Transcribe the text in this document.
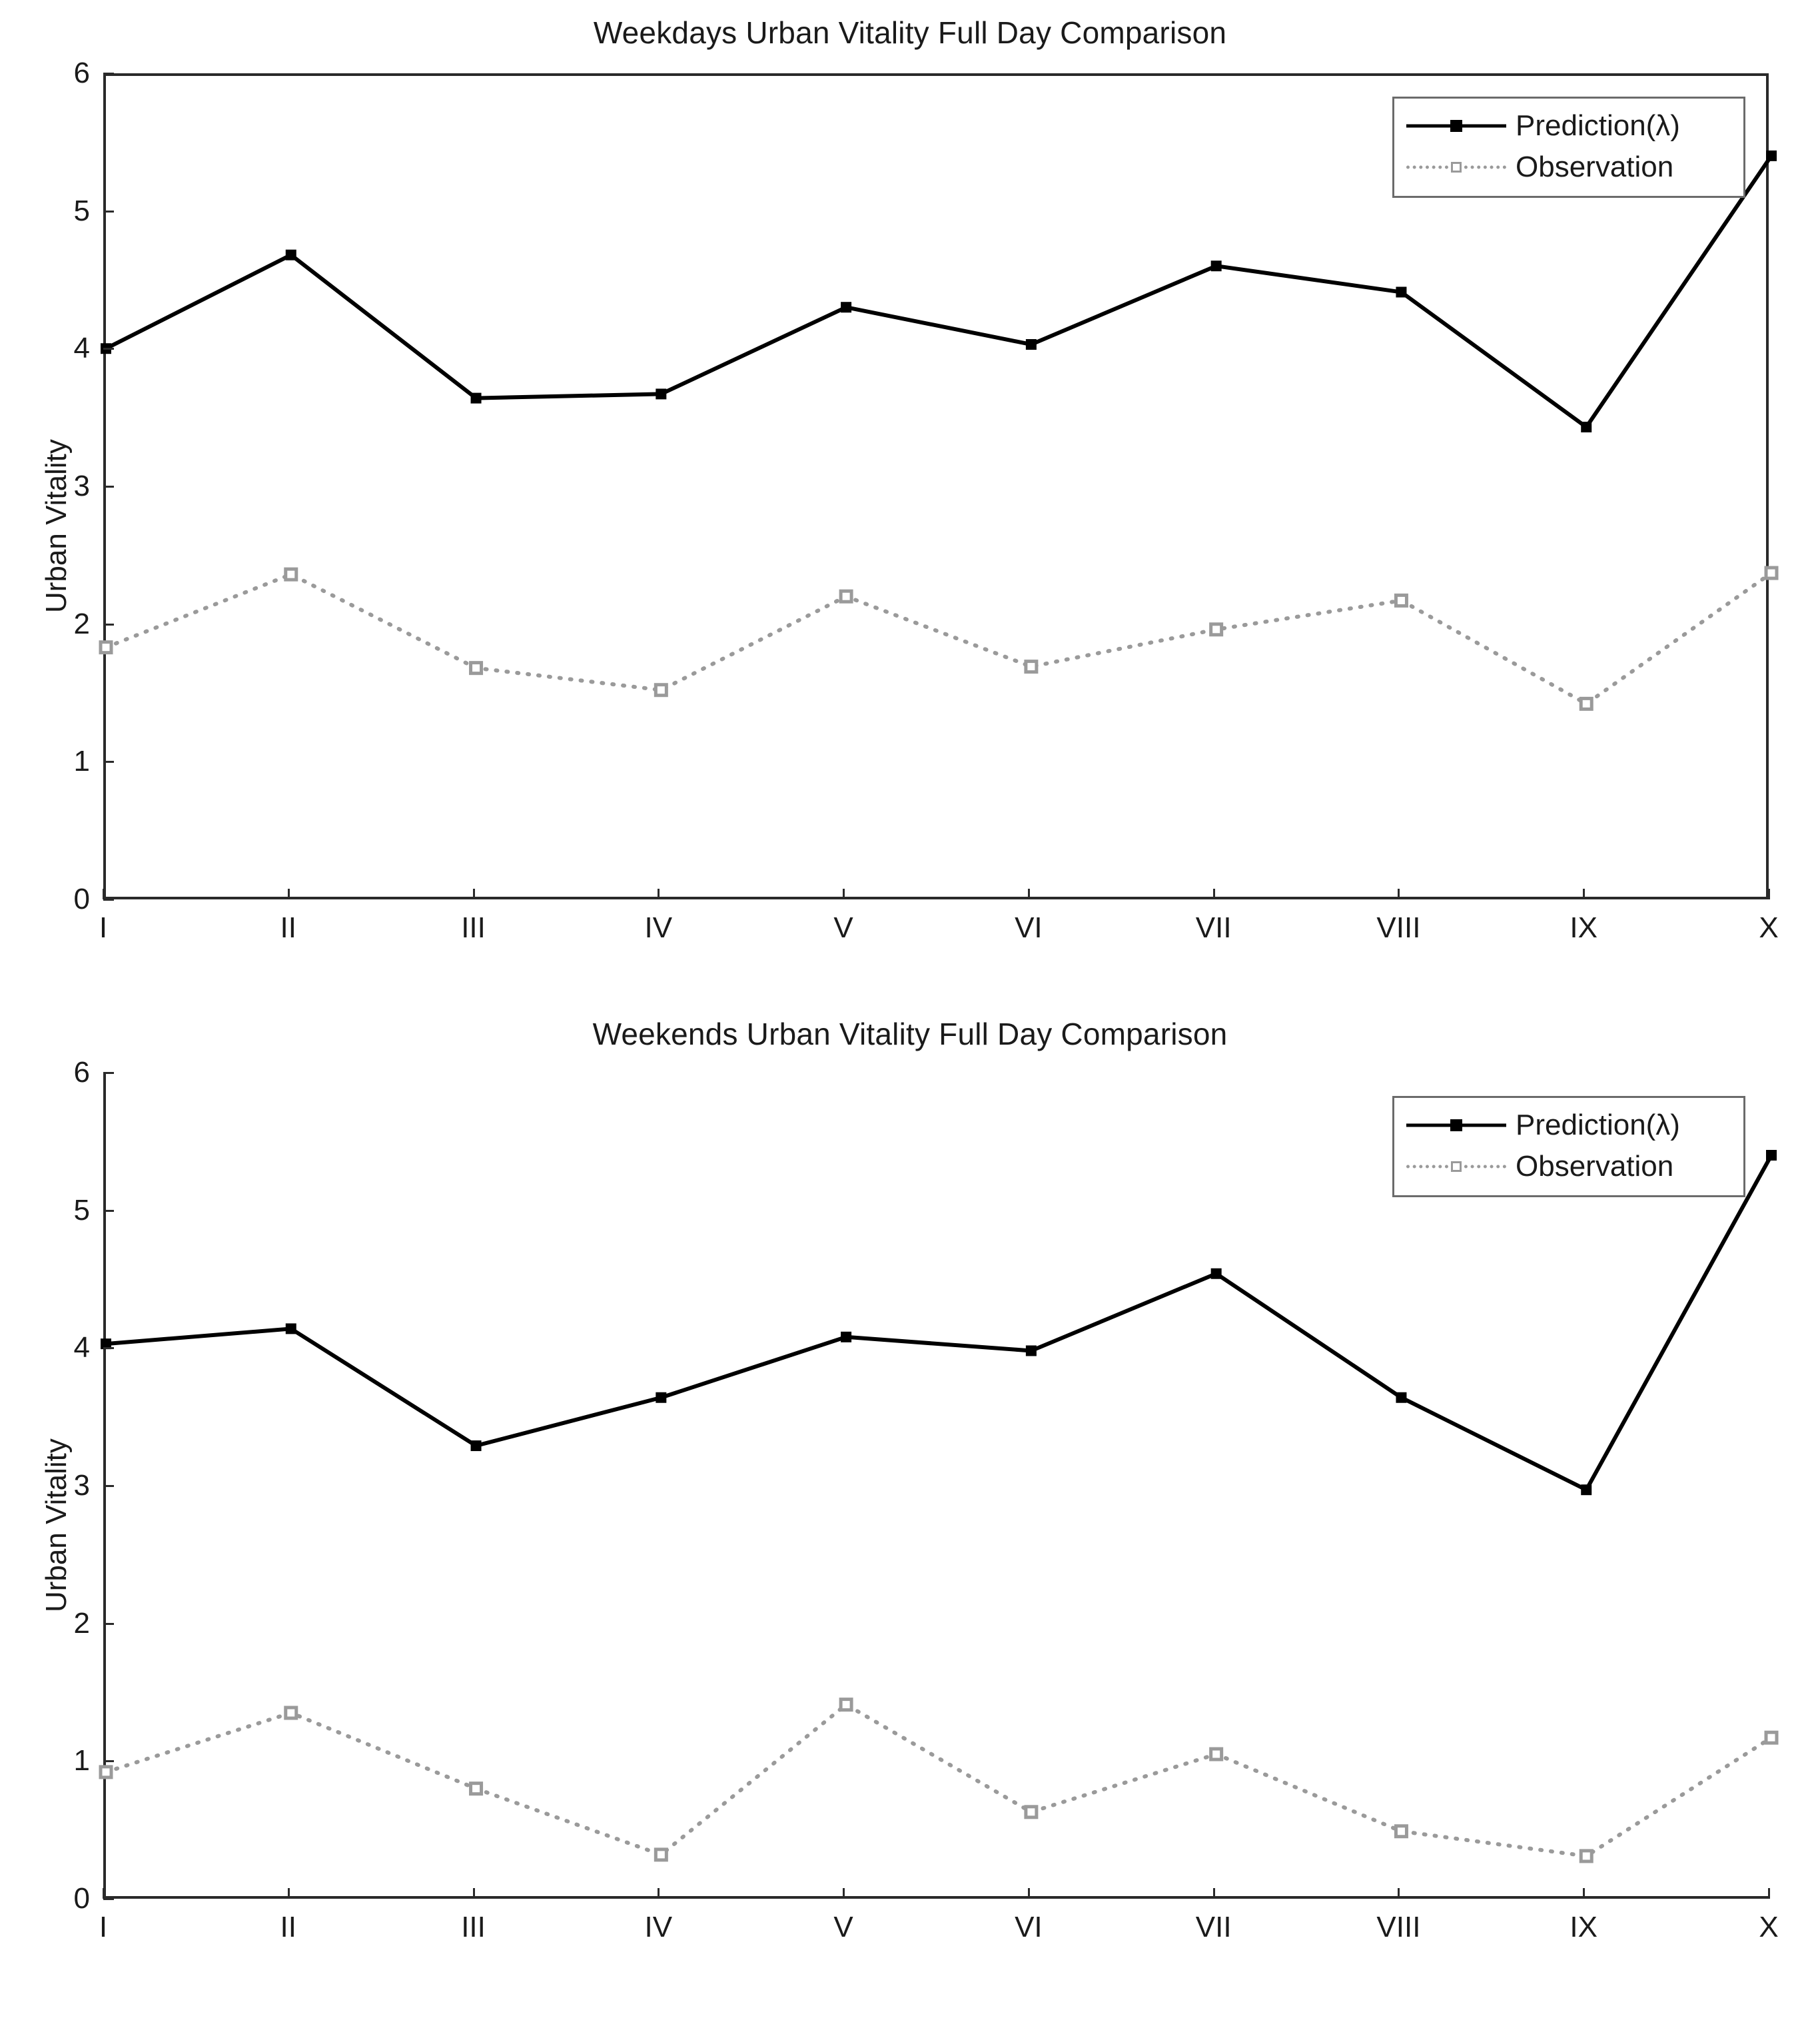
Weekdays Urban Vitality Full Day Comparison
Urban Vitality
0
1
2
3
4
5
6
I	II	III	IV	V	VI	VII	VIII	IX	X
Prediction(λ)
Observation
Weekends Urban Vitality Full Day Comparison
Urban Vitality
0
1
2
3
4
5
6
I	II	III	IV	V	VI	VII	VIII	IX	X
Prediction(λ)
Observation
